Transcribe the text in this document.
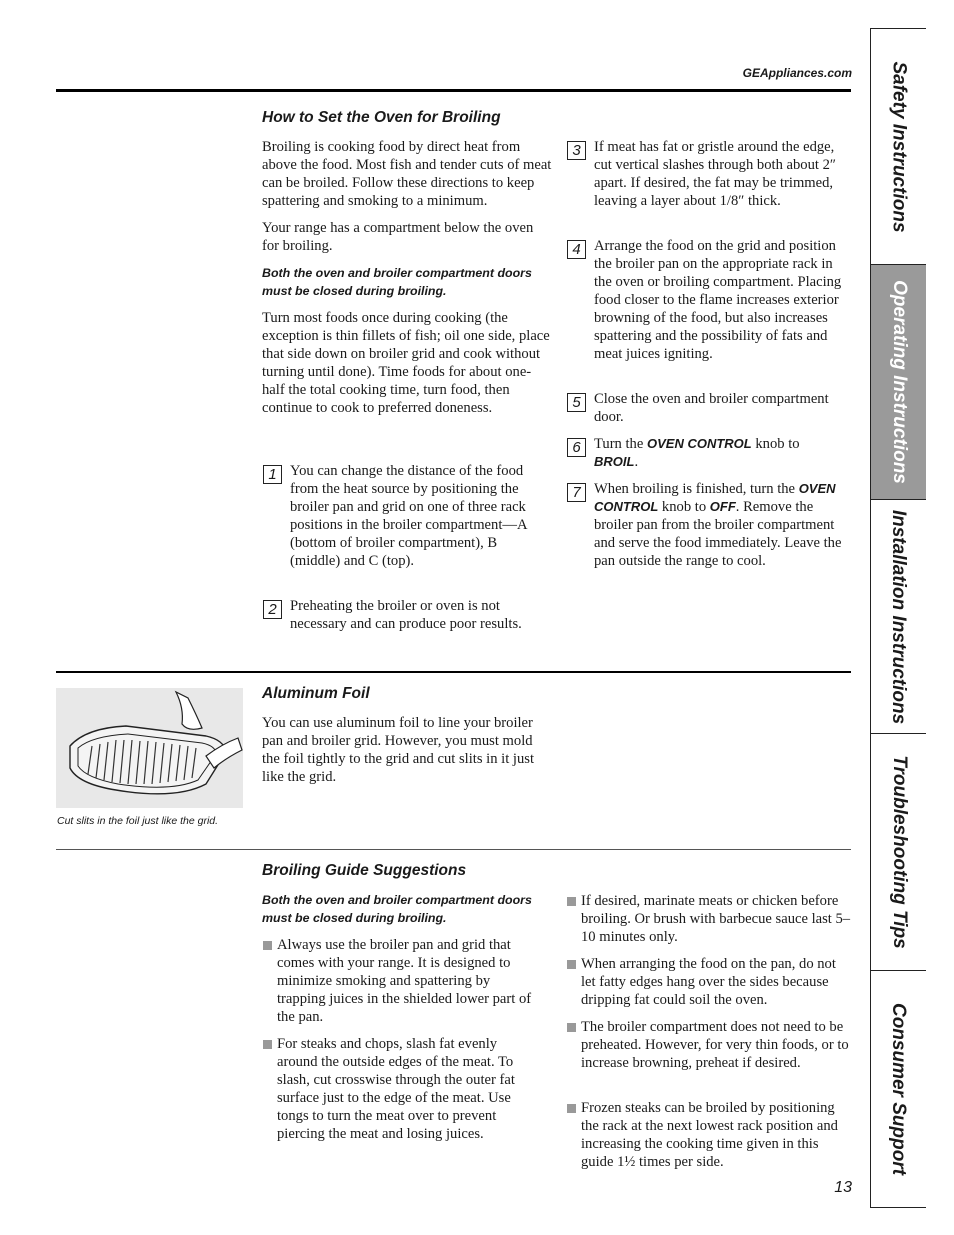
GEAppliances.com Safety Instructions
Operating Instructions
Installation Instructions
Troubleshooting Tips
Consumer Support
How to Set the Oven for Broiling

Broiling is cooking food by direct heat from above the food. Most fish and tender cuts of meat can be broiled. Follow these directions to keep spattering and smoking to a minimum.

Your range has a compartment below the oven for broiling.

Both the oven and broiler compartment doors must be closed during broiling.

Turn most foods once during cooking (the exception is thin fillets of fish; oil one side, place that side down on broiler grid and cook without turning until done). Time foods for about one-half the total cooking time, turn food, then continue to cook to preferred doneness.

1 You can change the distance of the food from the heat source by positioning the broiler pan and grid on one of three rack positions in the broiler compartment—A (bottom of broiler compartment), B (middle) and C (top).

2 Preheating the broiler or oven is not necessary and can produce poor results.

3 If meat has fat or gristle around the edge, cut vertical slashes through both about 2″ apart. If desired, the fat may be trimmed, leaving a layer about 1/8″ thick.

4 Arrange the food on the grid and position the broiler pan on the appropriate rack in the oven or broiling compartment. Placing food closer to the flame increases exterior browning of the food, but also increases spattering and the possibility of fats and meat juices igniting.

5 Close the oven and broiler compartment door.

6 Turn the OVEN CONTROL knob to BROIL.

7 When broiling is finished, turn the OVEN CONTROL knob to OFF. Remove the broiler pan from the broiler compartment and serve the food immediately. Leave the pan outside the range to cool.

Cut slits in the foil just like the grid.
Aluminum Foil

You can use aluminum foil to line your broiler pan and broiler grid. However, you must mold the foil tightly to the grid and cut slits in it just like the grid.

Broiling Guide Suggestions

Both the oven and broiler compartment doors must be closed during broiling.

Always use the broiler pan and grid that comes with your range. It is designed to minimize smoking and spattering by trapping juices in the shielded lower part of the pan.

For steaks and chops, slash fat evenly around the outside edges of the meat. To slash, cut crosswise through the outer fat surface just to the edge of the meat. Use tongs to turn the meat over to prevent piercing the meat and losing juices.

If desired, marinate meats or chicken before broiling. Or brush with barbecue sauce last 5–10 minutes only.

When arranging the food on the pan, do not let fatty edges hang over the sides because dripping fat could soil the oven.

The broiler compartment does not need to be preheated. However, for very thin foods, or to increase browning, preheat if desired.

Frozen steaks can be broiled by positioning the rack at the next lowest rack position and increasing the cooking time given in this guide 1½ times per side.

13
